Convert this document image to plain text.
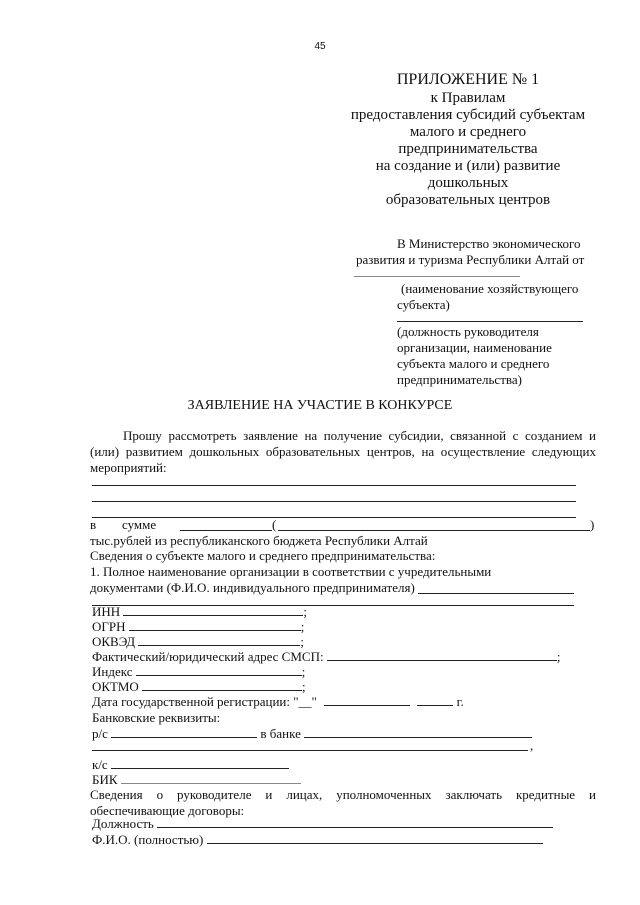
45
ПРИЛОЖЕНИЕ № 1
к Правилам
предоставления субсидий субъектам
малого и среднего
предпринимательства
на создание и (или) развитие
дошкольных
образовательных центров
В Министерство экономического
развития и туризма Республики Алтай от
(наименование хозяйствующего
субъекта)
(должность руководителя
организации, наименование
субъекта малого и среднего
предпринимательства)
ЗАЯВЛЕНИЕ НА УЧАСТИЕ В КОНКУРСЕ
Прошу рассмотреть заявление на получение субсидии, связанной с созданием и (или) развитием дошкольных образовательных центров, на осуществление следующих
мероприятий:
в сумме	(	)
тыс.рублей из республиканского бюджета Республики Алтай
Сведения о субъекте малого и среднего предпринимательства:
1. Полное наименование организации в соответствии с учредительными
документами (Ф.И.О. индивидуального предпринимателя)
ИНН	;
ОГРН	;
ОКВЭД	;
Фактический/юридический адрес СМСП:	;
Индекс	;
ОКТМО	;
Дата государственной регистрации: "__"	г.
Банковские реквизиты:
р/с	в банке
,
к/с
БИК
Сведения о руководителе и лицах, уполномоченных заключать кредитные и
обеспечивающие договоры:
Должность
Ф.И.О. (полностью)
